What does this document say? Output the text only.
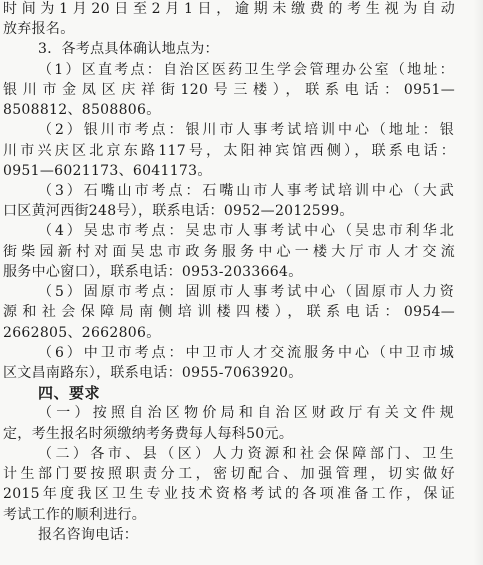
时间为1月20日至2月1日，逾期未缴费的考生视为自动
放弃报名。
3．各考点具体确认地点为：
（1）区直考点：自治区医药卫生学会管理办公室（地址：
银川市金凤区庆祥街120号三楼），联系电话：0951—
8508812、8508806。
（2）银川市考点：银川市人事考试培训中心（地址：银
川市兴庆区北京东路117号，太阳神宾馆西侧），联系电话：
0951—6021173、6041173。
（3）石嘴山市考点：石嘴山市人事考试培训中心（大武
口区黄河西街248号），联系电话：0952—2012599。
（4）吴忠市考点：吴忠市人事考试中心（吴忠市利华北
街柴园新村对面吴忠市政务服务中心一楼大厅市人才交流
服务中心窗口），联系电话：0953-2033664。
（5）固原市考点：固原市人事考试中心（固原市人力资
源和社会保障局南侧培训楼四楼），联系电话：0954—
2662805、2662806。
（6）中卫市考点：中卫市人才交流服务中心（中卫市城
区文昌南路东），联系电话：0955-7063920。
四、要求
（一）按照自治区物价局和自治区财政厅有关文件规
定，考生报名时须缴纳考务费每人每科50元。
（二）各市、县（区）人力资源和社会保障部门、卫生
计生部门要按照职责分工，密切配合、加强管理，切实做好
2015年度我区卫生专业技术资格考试的各项准备工作，保证
考试工作的顺利进行。
报名咨询电话：
